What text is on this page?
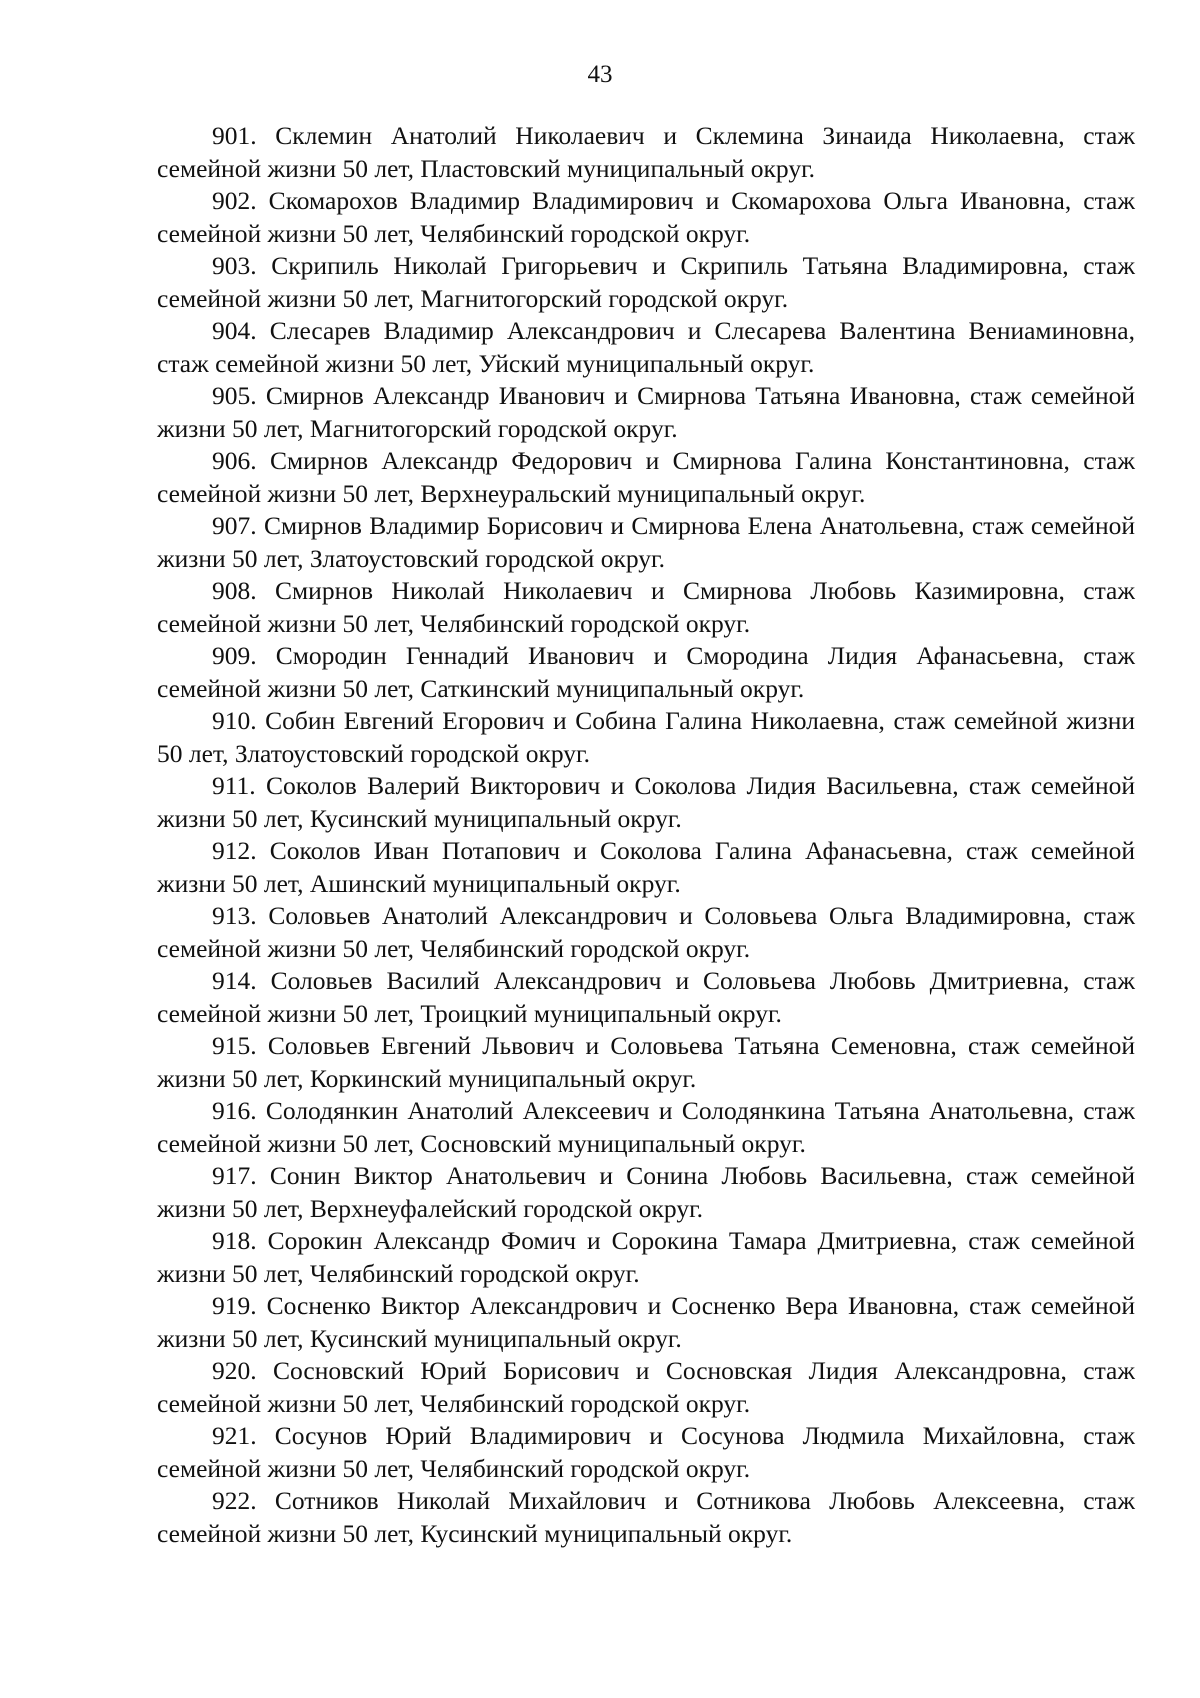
43
901. Склемин Анатолий Николаевич и Склемина Зинаида Николаевна, стаж семейной жизни 50 лет, Пластовский муниципальный округ.
902. Скомарохов Владимир Владимирович и Скомарохова Ольга Ивановна, стаж семейной жизни 50 лет, Челябинский городской округ.
903. Скрипиль Николай Григорьевич и Скрипиль Татьяна Владимировна, стаж семейной жизни 50 лет, Магнитогорский городской округ.
904. Слесарев Владимир Александрович и Слесарева Валентина Вениаминовна, стаж семейной жизни 50 лет, Уйский муниципальный округ.
905. Смирнов Александр Иванович и Смирнова Татьяна Ивановна, стаж семейной жизни 50 лет, Магнитогорский городской округ.
906. Смирнов Александр Федорович и Смирнова Галина Константиновна, стаж семейной жизни 50 лет, Верхнеуральский муниципальный округ.
907. Смирнов Владимир Борисович и Смирнова Елена Анатольевна, стаж семейной жизни 50 лет, Златоустовский городской округ.
908. Смирнов Николай Николаевич и Смирнова Любовь Казимировна, стаж семейной жизни 50 лет, Челябинский городской округ.
909. Смородин Геннадий Иванович и Смородина Лидия Афанасьевна, стаж семейной жизни 50 лет, Саткинский муниципальный округ.
910. Собин Евгений Егорович и Собина Галина Николаевна, стаж семейной жизни 50 лет, Златоустовский городской округ.
911. Соколов Валерий Викторович и Соколова Лидия Васильевна, стаж семейной жизни 50 лет, Кусинский муниципальный округ.
912. Соколов Иван Потапович и Соколова Галина Афанасьевна, стаж семейной жизни 50 лет, Ашинский муниципальный округ.
913. Соловьев Анатолий Александрович и Соловьева Ольга Владимировна, стаж семейной жизни 50 лет, Челябинский городской округ.
914. Соловьев Василий Александрович и Соловьева Любовь Дмитриевна, стаж семейной жизни 50 лет, Троицкий муниципальный округ.
915. Соловьев Евгений Львович и Соловьева Татьяна Семеновна, стаж семейной жизни 50 лет, Коркинский муниципальный округ.
916. Солодянкин Анатолий Алексеевич и Солодянкина Татьяна Анатольевна, стаж семейной жизни 50 лет, Сосновский муниципальный округ.
917. Сонин Виктор Анатольевич и Сонина Любовь Васильевна, стаж семейной жизни 50 лет, Верхнеуфалейский городской округ.
918. Сорокин Александр Фомич и Сорокина Тамара Дмитриевна, стаж семейной жизни 50 лет, Челябинский городской округ.
919. Сосненко Виктор Александрович и Сосненко Вера Ивановна, стаж семейной жизни 50 лет, Кусинский муниципальный округ.
920. Сосновский Юрий Борисович и Сосновская Лидия Александровна, стаж семейной жизни 50 лет, Челябинский городской округ.
921. Сосунов Юрий Владимирович и Сосунова Людмила Михайловна, стаж семейной жизни 50 лет, Челябинский городской округ.
922. Сотников Николай Михайлович и Сотникова Любовь Алексеевна, стаж семейной жизни 50 лет, Кусинский муниципальный округ.
